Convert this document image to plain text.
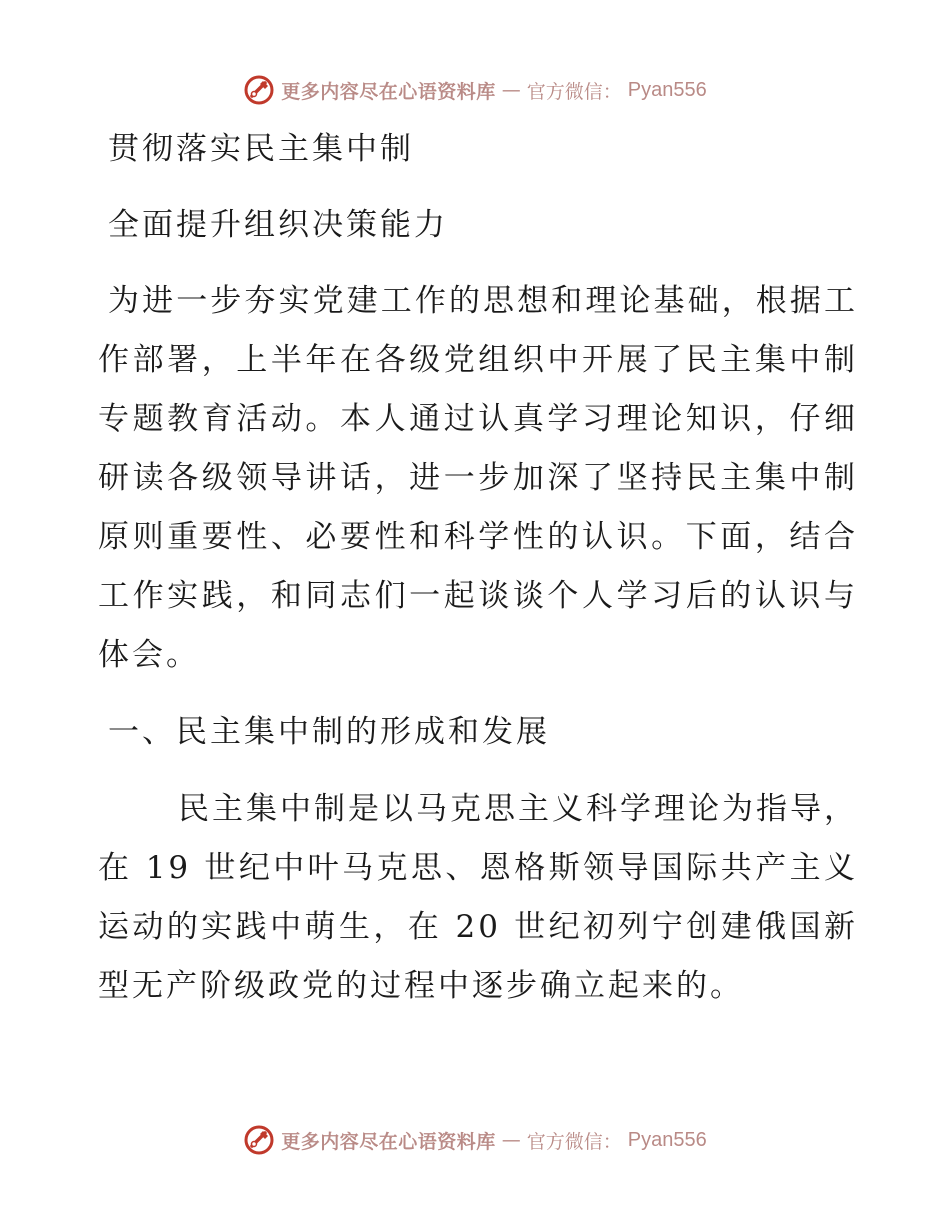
更多内容尽在心语资料库 — 官方微信： Pyan556

贯彻落实民主集中制

全面提升组织决策能力

为进一步夯实党建工作的思想和理论基础，根据工作部署，上半年在各级党组织中开展了民主集中制专题教育活动。本人通过认真学习理论知识，仔细研读各级领导讲话，进一步加深了坚持民主集中制原则重要性、必要性和科学性的认识。下面，结合工作实践，和同志们一起谈谈个人学习后的认识与体会。

一、民主集中制的形成和发展

民主集中制是以马克思主义科学理论为指导，在 19 世纪中叶马克思、恩格斯领导国际共产主义运动的实践中萌生，在 20 世纪初列宁创建俄国新型无产阶级政党的过程中逐步确立起来的。

更多内容尽在心语资料库 — 官方微信： Pyan556
